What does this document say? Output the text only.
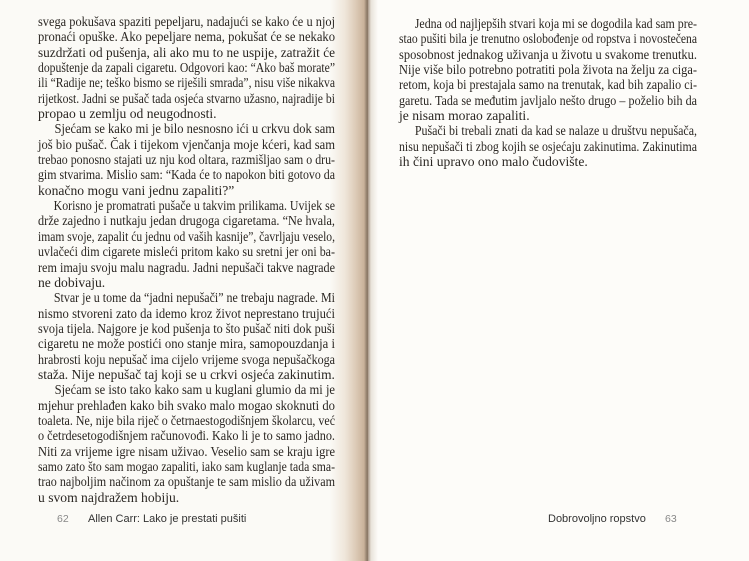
svega pokušava spaziti pepeljaru, nadajući se kako će u njoj
pronaći opuške. Ako pepeljare nema, pokušat će se nekako
suzdržati od pušenja, ali ako mu to ne uspije, zatražit će
dopuštenje da zapali cigaretu. Odgovori kao: “Ako baš morate”
ili “Radije ne; teško bismo se riješili smrada”, nisu više nikakva
rijetkost. Jadni se pušač tada osjeća stvarno užasno, najradije bi
propao u zemlju od neugodnosti.
Sjećam se kako mi je bilo nesnosno ići u crkvu dok sam
još bio pušač. Čak i tijekom vjenčanja moje kćeri, kad sam
trebao ponosno stajati uz nju kod oltara, razmišljao sam o dru-
gim stvarima. Mislio sam: “Kada će to napokon biti gotovo da
konačno mogu vani jednu zapaliti?”
Korisno je promatrati pušače u takvim prilikama. Uvijek se
drže zajedno i nutkaju jedan drugoga cigaretama. “Ne hvala,
imam svoje, zapalit ću jednu od vaših kasnije”, čavrljaju veselo,
uvlačeći dim cigarete misleći pritom kako su sretni jer oni ba-
rem imaju svoju malu nagradu. Jadni nepušači takve nagrade
ne dobivaju.
Stvar je u tome da “jadni nepušači” ne trebaju nagrade. Mi
nismo stvoreni zato da idemo kroz život neprestano trujući
svoja tijela. Najgore je kod pušenja to što pušač niti dok puši
cigaretu ne može postići ono stanje mira, samopouzdanja i
hrabrosti koju nepušač ima cijelo vrijeme svoga nepušačkoga
staža. Nije nepušač taj koji se u crkvi osjeća zakinutim.
Sjećam se isto tako kako sam u kuglani glumio da mi je
mjehur prehlađen kako bih svako malo mogao skoknuti do
toaleta. Ne, nije bila riječ o četrnaestogodišnjem školarcu, već
o četrdesetogodišnjem računovođi. Kako li je to samo jadno.
Niti za vrijeme igre nisam uživao. Veselio sam se kraju igre
samo zato što sam mogao zapaliti, iako sam kuglanje tada sma-
trao najboljim načinom za opuštanje te sam mislio da uživam
u svom najdražem hobiju.
62 Allen Carr: Lako je prestati pušiti
Jedna od najljepših stvari koja mi se dogodila kad sam pre-
stao pušiti bila je trenutno oslobođenje od ropstva i novostečena
sposobnost jednakog uživanja u životu u svakome trenutku.
Nije više bilo potrebno potratiti pola života na želju za ciga-
retom, koja bi prestajala samo na trenutak, kad bih zapalio ci-
garetu. Tada se međutim javljalo nešto drugo – poželio bih da
je nisam morao zapaliti.
Pušači bi trebali znati da kad se nalaze u društvu nepušača,
nisu nepušači ti zbog kojih se osjećaju zakinutima. Zakinutima
ih čini upravo ono malo čudovište.
Dobrovoljno ropstvo 63
